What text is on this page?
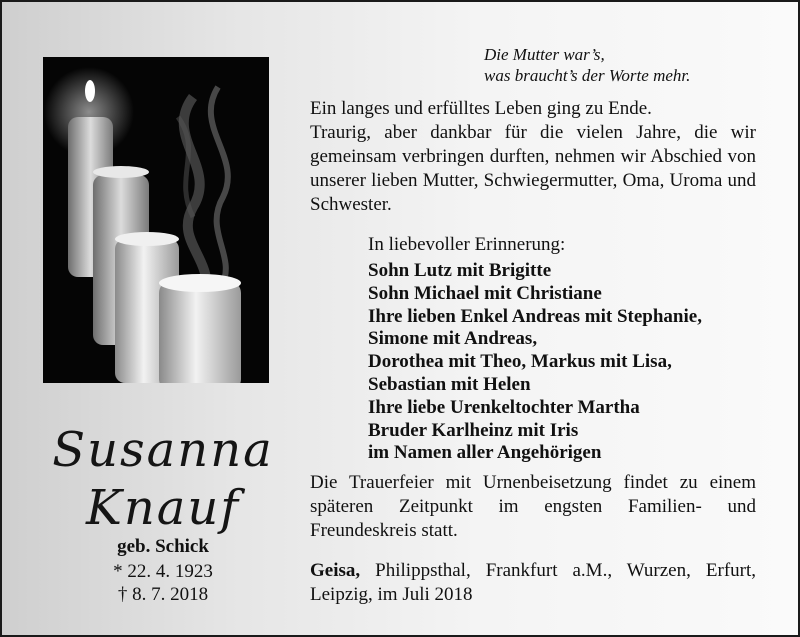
Susanna
Knauf
geb. Schick
* 22. 4. 1923
† 8. 7. 2018
Die Mutter war’s,
was braucht’s der Worte mehr.

Ein langes und erfülltes Leben ging zu Ende.

Traurig, aber dankbar für die vielen Jahre, die wir gemeinsam verbringen durften, nehmen wir Abschied von unserer lieben Mutter, Schwiegermutter, Oma, Uroma und Schwester.

In liebevoller Erinnerung:
Sohn Lutz mit Brigitte
Sohn Michael mit Christiane
Ihre lieben Enkel Andreas mit Stephanie,
Simone mit Andreas,
Dorothea mit Theo, Markus mit Lisa,
Sebastian mit Helen
Ihre liebe Urenkeltochter Martha
Bruder Karlheinz mit Iris
im Namen aller Angehörigen
Die Trauerfeier mit Urnenbeisetzung findet zu einem späteren Zeitpunkt im engsten Familien- und Freundeskreis statt.
Geisa, Philippsthal, Frankfurt a.M., Wurzen, Erfurt, Leipzig, im Juli 2018
